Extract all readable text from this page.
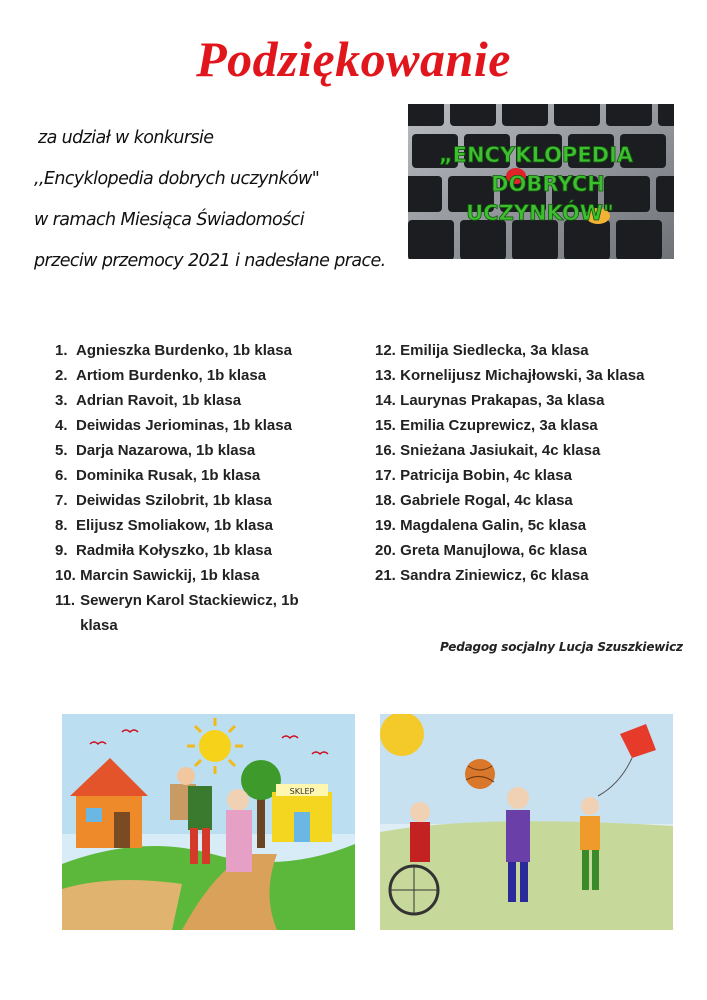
Podziękowanie
za udział w konkursie
,,Encyklopedia dobrych uczynków"
w ramach Miesiąca Świadomości
przeciw przemocy 2021 i nadesłane prace.
„ENCYKLOPEDIA
DOBRYCH
UCZYNKÓW"
1. Agnieszka Burdenko, 1b klasa
2. Artiom Burdenko, 1b klasa
3. Adrian Ravoit, 1b klasa
4. Deiwidas Jeriominas, 1b klasa
5. Darja Nazarowa, 1b klasa
6. Dominika Rusak, 1b klasa
7. Deiwidas Szilobrit, 1b klasa
8. Elijusz Smoliakow, 1b klasa
9. Radmiła Kołyszko, 1b klasa
10.
Marcin Sawickij, 1b klasa
11.
Seweryn Karol Stackiewicz, 1b klasa
12.
Emilija Siedlecka, 3a klasa
13.
Kornelijusz Michajłowski, 3a klasa
14.
Laurynas Prakapas, 3a klasa
15.
Emilia Czuprewicz, 3a klasa
16.
Snieżana Jasiukait, 4c klasa
17.
Patricija Bobin, 4c klasa
18.
Gabriele Rogal, 4c klasa
19.
Magdalena Galin, 5c klasa
20.
Greta Manujlowa, 6c klasa
21.
Sandra Ziniewicz, 6c klasa
Pedagog socjalny Lucja Szuszkiewicz
SKLEP
